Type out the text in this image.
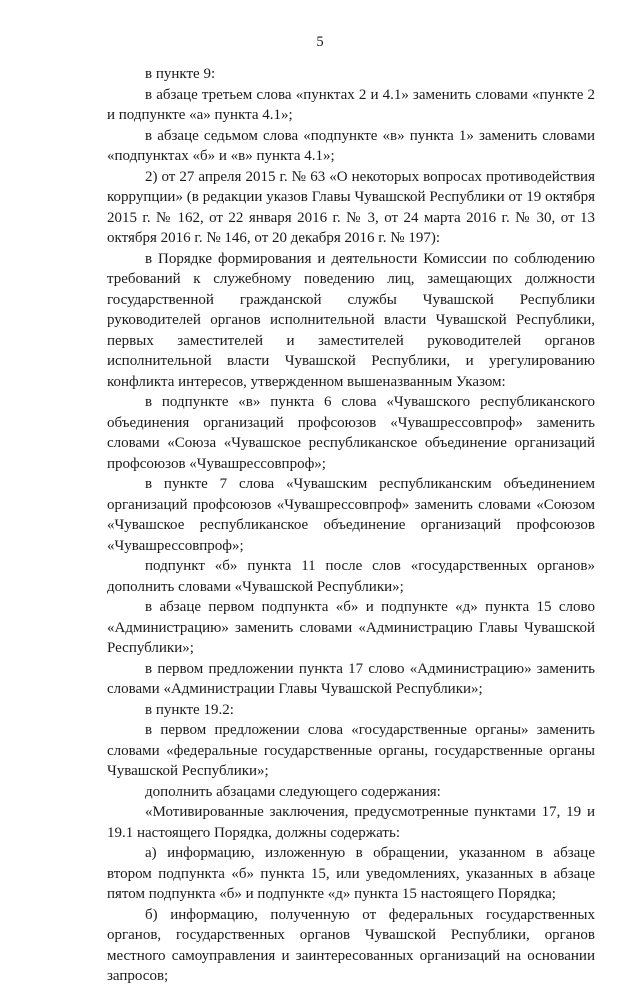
5

в пункте 9:

в абзаце третьем слова «пунктах 2 и 4.1» заменить словами «пункте 2 и подпункте «а» пункта 4.1»;

в абзаце седьмом слова «подпункте «в» пункта 1» заменить словами «подпунктах «б» и «в» пункта 4.1»;

2) от 27 апреля 2015 г. № 63 «О некоторых вопросах противодействия коррупции» (в редакции указов Главы Чувашской Республики от 19 октября 2015 г. № 162, от 22 января 2016 г. № 3, от 24 марта 2016 г. № 30, от 13 октября 2016 г. № 146, от 20 декабря 2016 г. № 197):

в Порядке формирования и деятельности Комиссии по соблюдению требований к служебному поведению лиц, замещающих должности государственной гражданской службы Чувашской Республики руководителей органов исполнительной власти Чувашской Республики, первых заместителей и заместителей руководителей органов исполнительной власти Чувашской Республики, и урегулированию конфликта интересов, утвержденном вышеназванным Указом:

в подпункте «в» пункта 6 слова «Чувашского республиканского объединения организаций профсоюзов «Чувашрессовпроф» заменить словами «Союза «Чувашское республиканское объединение организаций профсоюзов «Чувашрессовпроф»;

в пункте 7 слова «Чувашским республиканским объединением организаций профсоюзов «Чувашрессовпроф» заменить словами «Союзом «Чувашское республиканское объединение организаций профсоюзов «Чувашрессовпроф»;

подпункт «б» пункта 11 после слов «государственных органов» дополнить словами «Чувашской Республики»;

в абзаце первом подпункта «б» и подпункте «д» пункта 15 слово «Администрацию» заменить словами «Администрацию Главы Чувашской Республики»;

в первом предложении пункта 17 слово «Администрацию» заменить словами «Администрации Главы Чувашской Республики»;

в пункте 19.2:

в первом предложении слова «государственные органы» заменить словами «федеральные государственные органы, государственные органы Чувашской Республики»;

дополнить абзацами следующего содержания:

«Мотивированные заключения, предусмотренные пунктами 17, 19 и 19.1 настоящего Порядка, должны содержать:

а) информацию, изложенную в обращении, указанном в абзаце втором подпункта «б» пункта 15, или уведомлениях, указанных в абзаце пятом подпункта «б» и подпункте «д» пункта 15 настоящего Порядка;

б) информацию, полученную от федеральных государственных органов, государственных органов Чувашской Республики, органов местного самоуправления и заинтересованных организаций на основании запросов;
